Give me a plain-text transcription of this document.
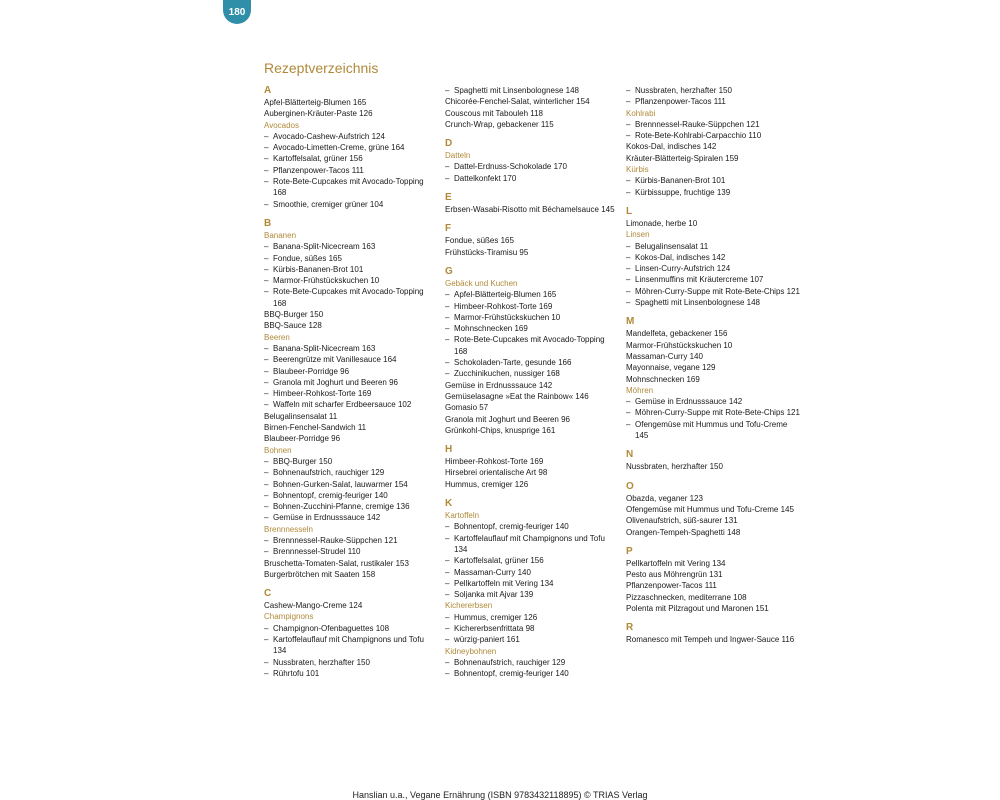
180
Rezeptverzeichnis
A
Apfel-Blätterteig-Blumen 165
Auberginen-Kräuter-Paste 126
Avocados
– Avocado-Cashew-Aufstrich 124
– Avocado-Limetten-Creme, grüne 164
– Kartoffelsalat, grüner 156
– Pflanzenpower-Tacos 111
– Rote-Bete-Cupcakes mit Avocado-Topping 168
– Smoothie, cremiger grüner 104
B
Bananen
– Banana-Split-Nicecream 163
– Fondue, süßes 165
– Kürbis-Bananen-Brot 101
– Marmor-Frühstückskuchen 10
– Rote-Bete-Cupcakes mit Avocado-Topping 168
BBQ-Burger 150
BBQ-Sauce 128
Beeren
– Banana-Split-Nicecream 163
– Beerengrütze mit Vanillesauce 164
– Blaubeer-Porridge 96
– Granola mit Joghurt und Beeren 96
– Himbeer-Rohkost-Torte 169
– Waffeln mit scharfer Erdbeersauce 102
Belugalinsensalat 11
Birnen-Fenchel-Sandwich 11
Blaubeer-Porridge 96
Bohnen
– BBQ-Burger 150
– Bohnenaufstrich, rauchiger 129
– Bohnen-Gurken-Salat, lauwarmer 154
– Bohnentopf, cremig-feuriger 140
– Bohnen-Zucchini-Pfanne, cremige 136
– Gemüse in Erdnusssauce 142
Brennnesseln
– Brennnessel-Rauke-Süppchen 121
– Brennnessel-Strudel 110
Bruschetta-Tomaten-Salat, rustikaler 153
Burgerbrötchen mit Saaten 158
C
Cashew-Mango-Creme 124
Champignons
– Champignon-Ofenbaguettes 108
– Kartoffelauflauf mit Champignons und Tofu 134
– Nussbraten, herzhafter 150
– Rührtofu 101
– Spaghetti mit Linsenbolognese 148
Chicorée-Fenchel-Salat, winterlicher 154
Couscous mit Tabouleh 118
Crunch-Wrap, gebackener 115
D
Datteln
– Dattel-Erdnuss-Schokolade 170
– Dattelkonfekt 170
E
Erbsen-Wasabi-Risotto mit Béchamelsauce 145
F
Fondue, süßes 165
Frühstücks-Tiramisu 95
G
Gebäck und Kuchen
– Apfel-Blätterteig-Blumen 165
– Himbeer-Rohkost-Torte 169
– Marmor-Frühstückskuchen 10
– Mohnschnecken 169
– Rote-Bete-Cupcakes mit Avocado-Topping 168
– Schokoladen-Tarte, gesunde 166
– Zucchinikuchen, nussiger 168
Gemüse in Erdnusssauce 142
Gemüselasagne »Eat the Rainbow« 146
Gomasio 57
Granola mit Joghurt und Beeren 96
Grünkohl-Chips, knusprige 161
H
Himbeer-Rohkost-Torte 169
Hirsebrei orientalische Art 98
Hummus, cremiger 126
K
Kartoffeln
– Bohnentopf, cremig-feuriger 140
– Kartoffelauflauf mit Champignons und Tofu 134
– Kartoffelsalat, grüner 156
– Massaman-Curry 140
– Pellkartoffeln mit Vering 134
– Soljanka mit Ajvar 139
Kichererbsen
– Hummus, cremiger 126
– Kichererbsenfrittata 98
– würzig-paniert 161
Kidneybohnen
– Bohnenaufstrich, rauchiger 129
– Bohnentopf, cremig-feuriger 140
– Nussbraten, herzhafter 150
– Pflanzenpower-Tacos 111
Kohlrabi
– Brennnessel-Rauke-Süppchen 121
– Rote-Bete-Kohlrabi-Carpacchio 110
Kokos-Dal, indisches 142
Kräuter-Blätterteig-Spiralen 159
Kürbis
– Kürbis-Bananen-Brot 101
– Kürbissuppe, fruchtige 139
L
Limonade, herbe 10
Linsen
– Belugalinsensalat 11
– Kokos-Dal, indisches 142
– Linsen-Curry-Aufstrich 124
– Linsenmuffins mit Kräutercreme 107
– Möhren-Curry-Suppe mit Rote-Bete-Chips 121
– Spaghetti mit Linsenbolognese 148
M
Mandelfeta, gebackener 156
Marmor-Frühstückskuchen 10
Massaman-Curry 140
Mayonnaise, vegane 129
Mohnschnecken 169
Möhren
– Gemüse in Erdnusssauce 142
– Möhren-Curry-Suppe mit Rote-Bete-Chips 121
– Ofengemüse mit Hummus und Tofu-Creme 145
N
Nussbraten, herzhafter 150
O
Obazda, veganer 123
Ofengemüse mit Hummus und Tofu-Creme 145
Olivenaufstrich, süß-saurer 131
Orangen-Tempeh-Spaghetti 148
P
Pellkartoffeln mit Vering 134
Pesto aus Möhrengrün 131
Pflanzenpower-Tacos 111
Pizzaschnecken, mediterrane 108
Polenta mit Pilzragout und Maronen 151
R
Romanesco mit Tempeh und Ingwer-Sauce 116
Hanslian u.a., Vegane Ernährung (ISBN 9783432118895) © TRIAS Verlag
